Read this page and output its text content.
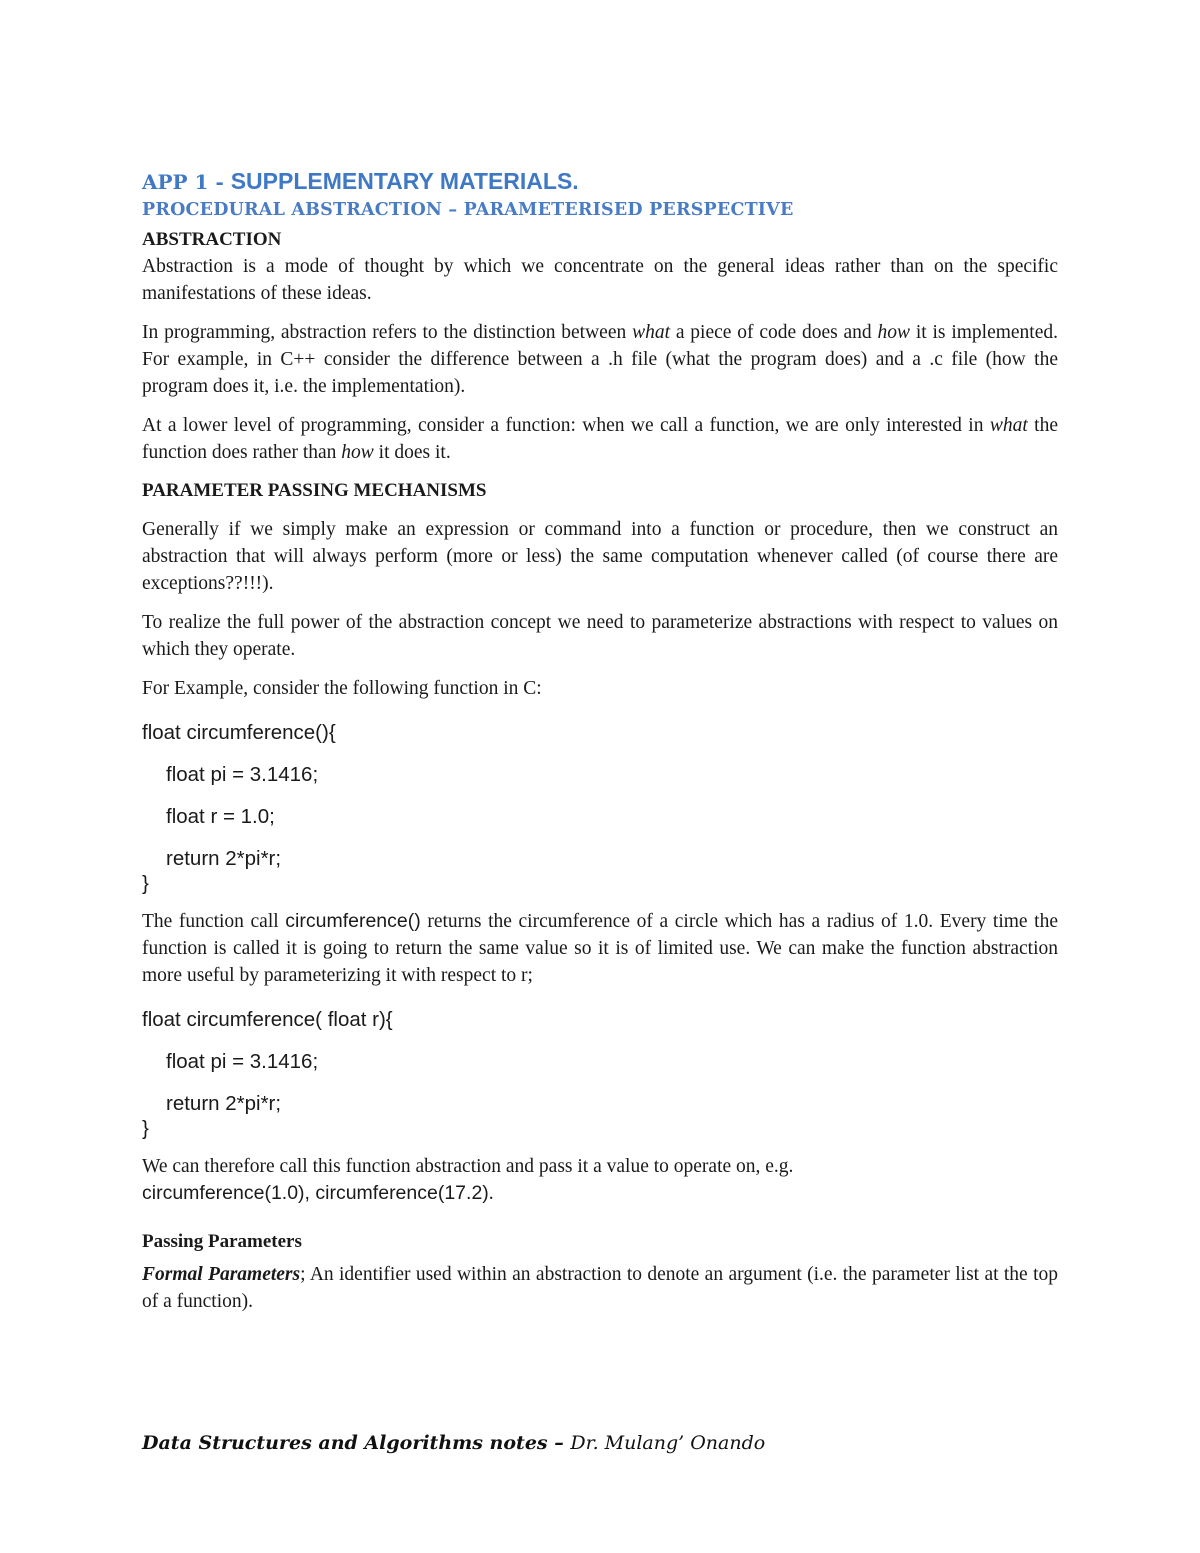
APP 1 - SUPPLEMENTARY MATERIALS.
PROCEDURAL ABSTRACTION – PARAMETERISED PERSPECTIVE
ABSTRACTION

Abstraction is a mode of thought by which we concentrate on the general ideas rather than on the specific manifestations of these ideas.

In programming, abstraction refers to the distinction between what a piece of code does and how it is implemented. For example, in C++ consider the difference between a .h file (what the program does) and a .c file (how the program does it, i.e. the implementation).

At a lower level of programming, consider a function: when we call a function, we are only interested in what the function does rather than how it does it.

PARAMETER PASSING MECHANISMS

Generally if we simply make an expression or command into a function or procedure, then we construct an abstraction that will always perform (more or less) the same computation whenever called (of course there are exceptions??!!!).

To realize the full power of the abstraction concept we need to parameterize abstractions with respect to values on which they operate.

For Example, consider the following function in C:

float circumference(){
float pi = 3.1416;
float r = 1.0;
return 2*pi*r;
}

The function call circumference() returns the circumference of a circle which has a radius of 1.0. Every time the function is called it is going to return the same value so it is of limited use. We can make the function abstraction more useful by parameterizing it with respect to r;

float circumference( float r){
float pi = 3.1416;
return 2*pi*r;
}

We can therefore call this function abstraction and pass it a value to operate on, e.g.
circumference(1.0), circumference(17.2).

Passing Parameters

Formal Parameters; An identifier used within an abstraction to denote an argument (i.e. the parameter list at the top of a function).

Data Structures and Algorithms notes – Dr. Mulang’ Onando
